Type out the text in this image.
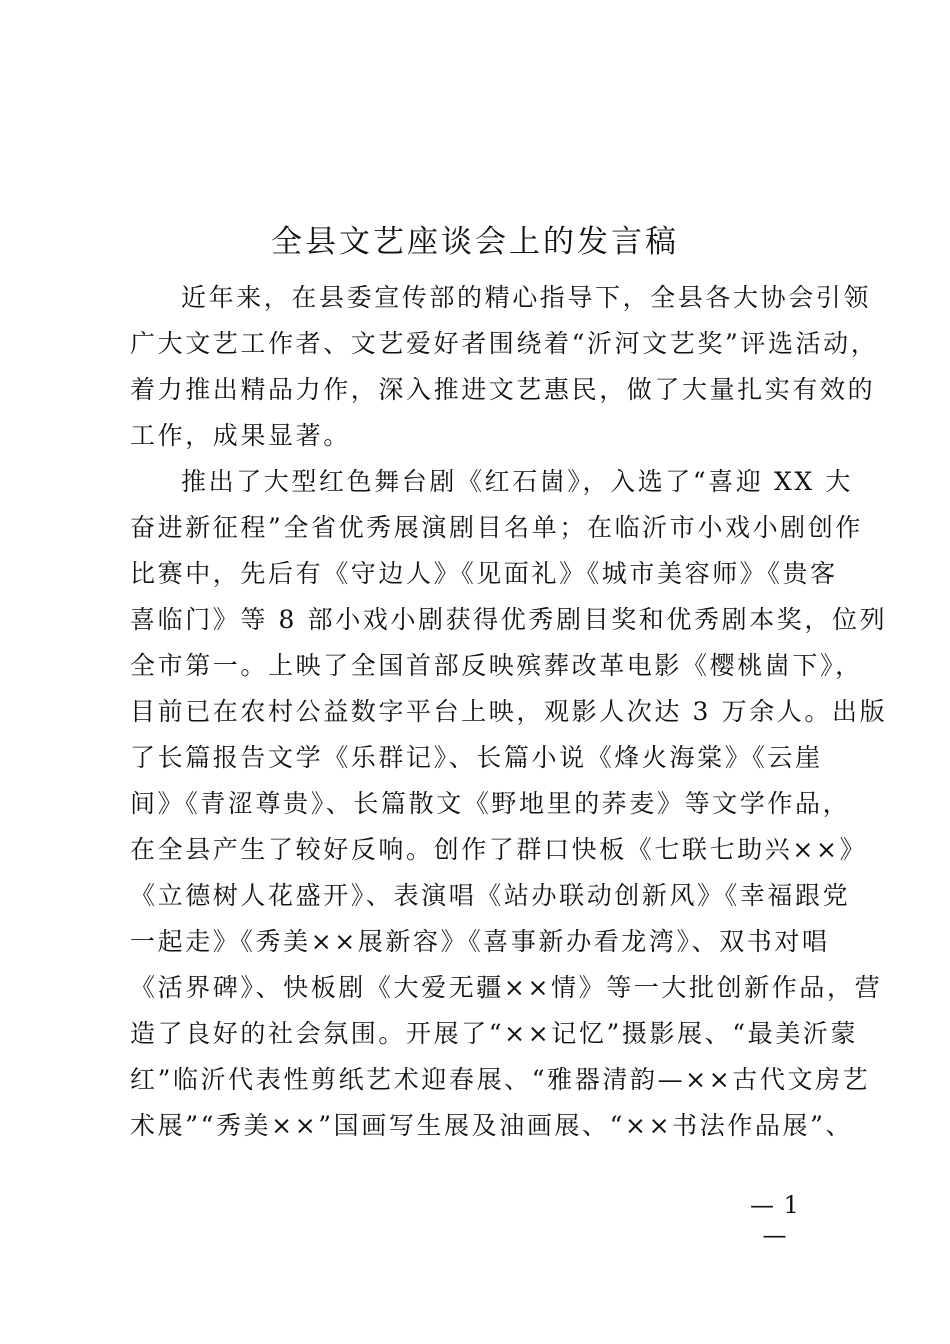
全县文艺座谈会上的发言稿
近年来，在县委宣传部的精心指导下，全县各大协会引领
广大文艺工作者、文艺爱好者围绕着“沂河文艺奖”评选活动，
着力推出精品力作，深入推进文艺惠民，做了大量扎实有效的
工作，成果显著。
推出了大型红色舞台剧《红石崮》，入选了“喜迎 XX 大
奋进新征程”全省优秀展演剧目名单；在临沂市小戏小剧创作
比赛中，先后有《守边人》《见面礼》《城市美容师》《贵客
喜临门》等 8 部小戏小剧获得优秀剧目奖和优秀剧本奖，位列
全市第一。上映了全国首部反映殡葬改革电影《樱桃崮下》，
目前已在农村公益数字平台上映，观影人次达 3 万余人。出版
了长篇报告文学《乐群记》、长篇小说《烽火海棠》《云崖
间》《青涩尊贵》、长篇散文《野地里的荞麦》等文学作品，
在全县产生了较好反响。创作了群口快板《七联七助兴××》
《立德树人花盛开》、表演唱《站办联动创新风》《幸福跟党
一起走》《秀美××展新容》《喜事新办看龙湾》、双书对唱
《活界碑》、快板剧《大爱无疆××情》等一大批创新作品，营
造了良好的社会氛围。开展了“××记忆”摄影展、“最美沂蒙
红”临沂代表性剪纸艺术迎春展、“雅器清韵—××古代文房艺
术展”“秀美××”国画写生展及油画展、“××书法作品展”、
— 1 —
